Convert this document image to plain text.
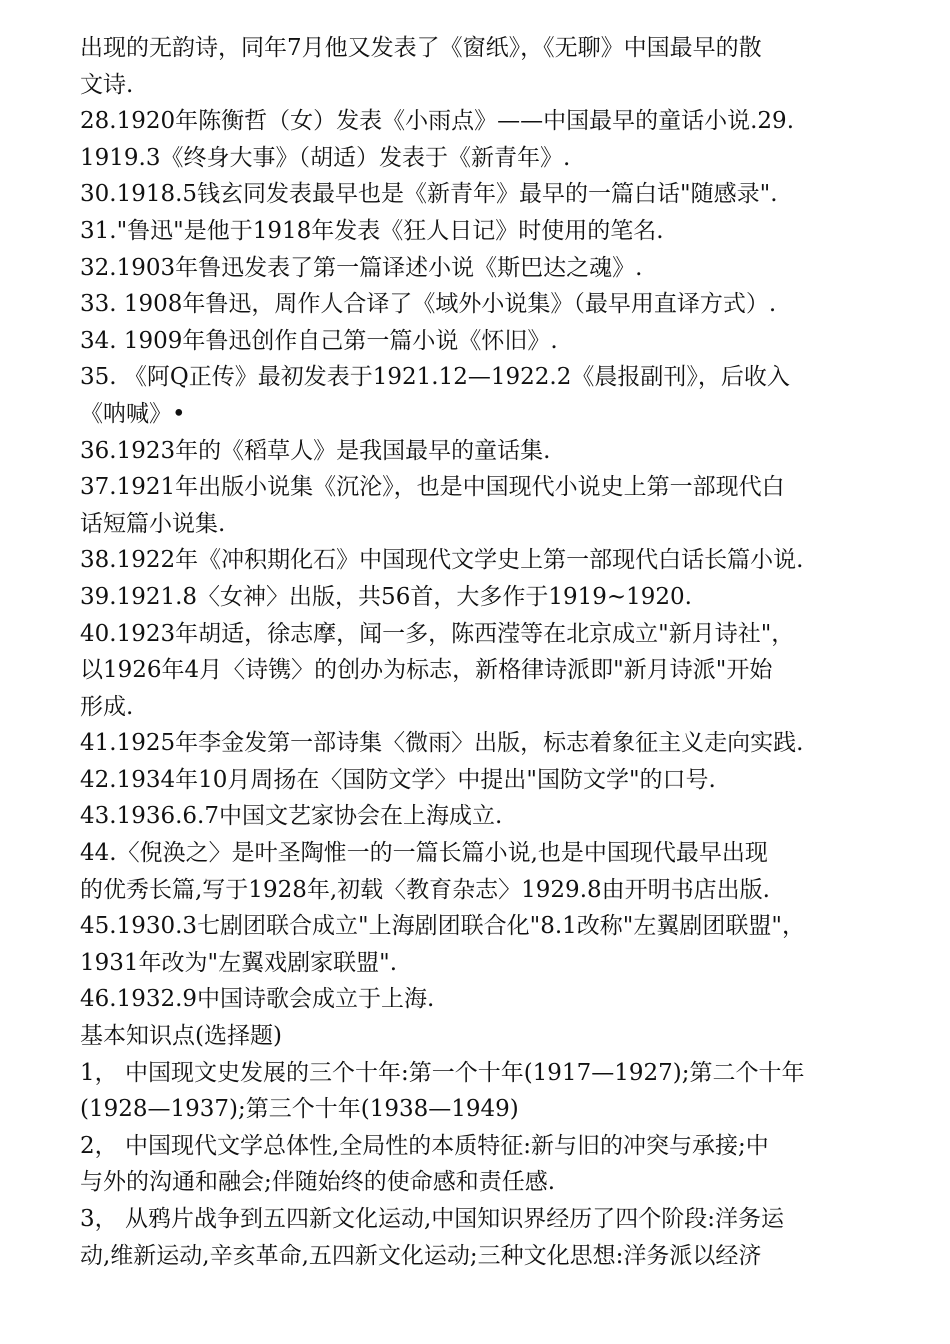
出现的无韵诗，同年7月他又发表了《窗纸》，《无聊》中国最早的散
文诗.
28.1920年陈衡哲（女）发表《小雨点》——中国最早的童话小说.29.
1919.3《终身大事》（胡适）发表于《新青年》.
30.1918.5钱玄同发表最早也是《新青年》最早的一篇白话"随感录".
31."鲁迅"是他于1918年发表《狂人日记》时使用的笔名.
32.1903年鲁迅发表了第一篇译述小说《斯巴达之魂》.
33. 1908年鲁迅，周作人合译了《域外小说集》（最早用直译方式）.
34. 1909年鲁迅创作自己第一篇小说《怀旧》.
35. 《阿Q正传》最初发表于1921.12—1922.2《晨报副刊》，后收入
《呐喊》•
36.1923年的《稻草人》是我国最早的童话集.
37.1921年出版小说集《沉沦》，也是中国现代小说史上第一部现代白
话短篇小说集.
38.1922年《冲积期化石》中国现代文学史上第一部现代白话长篇小说.
39.1921.8〈女神〉出版，共56首，大多作于1919~1920.
40.1923年胡适，徐志摩，闻一多，陈西滢等在北京成立"新月诗社"，
以1926年4月〈诗镌〉的创办为标志，新格律诗派即"新月诗派"开始
形成.
41.1925年李金发第一部诗集〈微雨〉出版，标志着象征主义走向实践.
42.1934年10月周扬在〈国防文学〉中提出"国防文学"的口号.
43.1936.6.7中国文艺家协会在上海成立.
44.〈倪涣之〉是叶圣陶惟一的一篇长篇小说,也是中国现代最早出现
的优秀长篇,写于1928年,初载〈教育杂志〉1929.8由开明书店出版.
45.1930.3七剧团联合成立"上海剧团联合化"8.1改称"左翼剧团联盟"，
1931年改为"左翼戏剧家联盟".
46.1932.9中国诗歌会成立于上海.
基本知识点(选择题)
1， 中国现文史发展的三个十年:第一个十年(1917—1927);第二个十年
(1928—1937);第三个十年(1938—1949)
2， 中国现代文学总体性,全局性的本质特征:新与旧的冲突与承接;中
与外的沟通和融会;伴随始终的使命感和责任感.
3， 从鸦片战争到五四新文化运动,中国知识界经历了四个阶段:洋务运
动,维新运动,辛亥革命,五四新文化运动;三种文化思想:洋务派以经济
